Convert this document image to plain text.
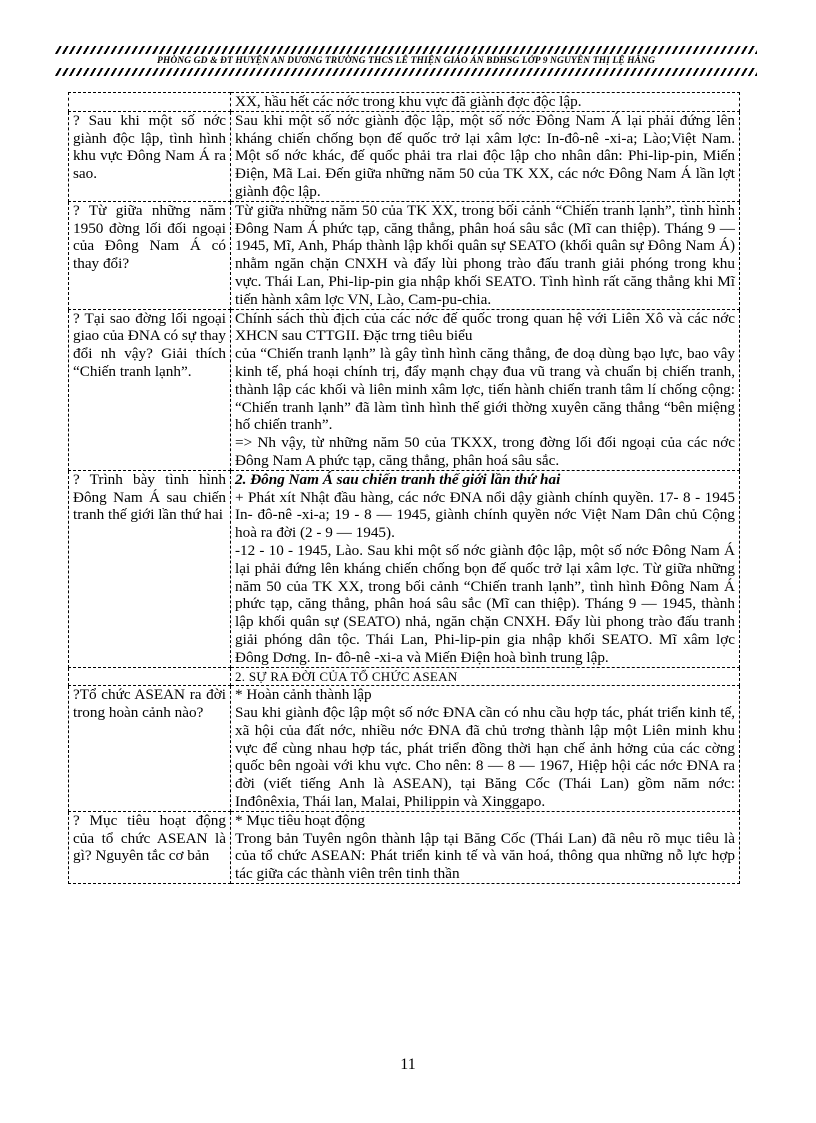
PHÒNG GD & ĐT HUYỆN AN DƯƠNG TRƯỜNG THCS LÊ THIỆN GIÁO ÁN BDHSG LỚP 9 NGUYỄN THỊ LỆ HẰNG

	XX, hầu hết các nớc trong khu vực đã giành đợc độc lập.

? Sau khi một số nớc giành độc lập, tình hình khu vực Đông Nam Á ra sao.	Sau khi một số nớc giành độc lập, một số nớc Đông Nam Á lại phải đứng lên kháng chiến chống bọn đế quốc trở lại xâm lợc: In-đô-nê -xi-a; Lào;Việt Nam. Một số nớc khác, đế quốc phải tra rlai độc lập cho nhân dân: Phi-lip-pin, Miến Điện, Mã Lai. Đến giữa những năm 50 của TK XX, các nớc Đông Nam Á lần lợt giành độc lập.

? Từ giữa những năm 1950 đờng lối đối ngoại của Đông Nam Á có thay đổi?	Từ giữa những năm 50 của TK XX, trong bối cảnh “Chiến tranh lạnh”, tình hình Đông Nam Á phức tạp, căng thẳng, phân hoá sâu sắc (Mĩ can thiệp). Tháng 9 — 1945, Mĩ, Anh, Pháp thành lập khối quân sự SEATO (khối quân sự Đông Nam Á) nhằm ngăn chặn CNXH và đẩy lùi phong trào đấu tranh giải phóng trong khu vực. Thái Lan, Phi-lip-pin gia nhập khối SEATO. Tình hình rất căng thẳng khi Mĩ tiến hành xâm lợc VN, Lào, Cam-pu-chia.

? Tại sao đờng lối ngoại giao của ĐNA có sự thay đổi nh vậy? Giải thích “Chiến tranh lạnh”.	Chính sách thù địch của các nớc đế quốc trong quan hệ với Liên Xô và các nớc XHCN sau CTTGII. Đặc trng tiêu biểu
của “Chiến tranh lạnh” là gây tình hình căng thẳng, đe doạ dùng bạo lực, bao vây kinh tế, phá hoại chính trị, đẩy mạnh chạy đua vũ trang và chuẩn bị chiến tranh, thành lập các khối và liên minh xâm lợc, tiến hành chiến tranh tâm lí chống cộng: “Chiến tranh lạnh” đã làm tình hình thế giới thờng xuyên căng thẳng “bên miệng hố chiến tranh”.
=> Nh vậy, từ những năm 50 của TKXX, trong đờng lối đối ngoại của các nớc Đông Nam A phức tạp, căng thẳng, phân hoá sâu sắc.

? Trình bày tình hình Đông Nam Á sau chiến tranh thế giới lần thứ hai	2. Đông Nam Á sau chiến tranh thế giới lần thứ hai
+ Phát xít Nhật đầu hàng, các nớc ĐNA nổi dậy giành chính quyền. 17- 8 - 1945 In- đô-nê -xi-a; 19 - 8 — 1945, giành chính quyền nớc Việt Nam Dân chủ Cộng hoà ra đời (2 - 9 — 1945).
-12 - 10 - 1945, Lào. Sau khi một số nớc giành độc lập, một số nớc Đông Nam Á lại phải đứng lên kháng chiến chống bọn đế quốc trở lại xâm lợc. Từ giữa những năm 50 của TK XX, trong bối cảnh “Chiến tranh lạnh”, tình hình Đông Nam Á phức tạp, căng thẳng, phân hoá sâu sắc (Mĩ can thiệp). Tháng 9 — 1945, thành lập khối quân sự (SEATO) nhả, ngăn chặn CNXH. Đẩy lùi phong trào đấu tranh giải phóng dân tộc. Thái Lan, Phi-lip-pin gia nhập khối SEATO. Mĩ xâm lợc Đông Dơng. In- đô-nê -xi-a và Miến Điện hoà bình trung lập.

	2. SỰ RA ĐỜI CỦA TỔ CHỨC ASEAN

?Tổ chức ASEAN ra đời trong hoàn cảnh nào?	* Hoàn cảnh thành lập
Sau khi giành độc lập một số nớc ĐNA cần có nhu cầu hợp tác, phát triển kinh tế, xã hội của đất nớc, nhiều nớc ĐNA đã chủ trơng thành lập một Liên minh khu vực để cùng nhau hợp tác, phát triển đồng thời hạn chế ảnh hởng của các cờng quốc bên ngoài với khu vực. Cho nên: 8 — 8 — 1967, Hiệp hội các nớc ĐNA ra đời (viết tiếng Anh là ASEAN), tại Băng Cốc (Thái Lan) gồm năm nớc: Inđônêxia, Thái lan, Malai, Philippin và Xinggapo.

? Mục tiêu hoạt động của tổ chức ASEAN là gì? Nguyên tắc cơ bản	* Mục tiêu hoạt động
Trong bản Tuyên ngôn thành lập tại Băng Cốc (Thái Lan) đã nêu rõ mục tiêu là của tổ chức ASEAN: Phát triển kinh tế và văn hoá, thông qua những nỗ lực hợp tác giữa các thành viên trên tinh thần
11
